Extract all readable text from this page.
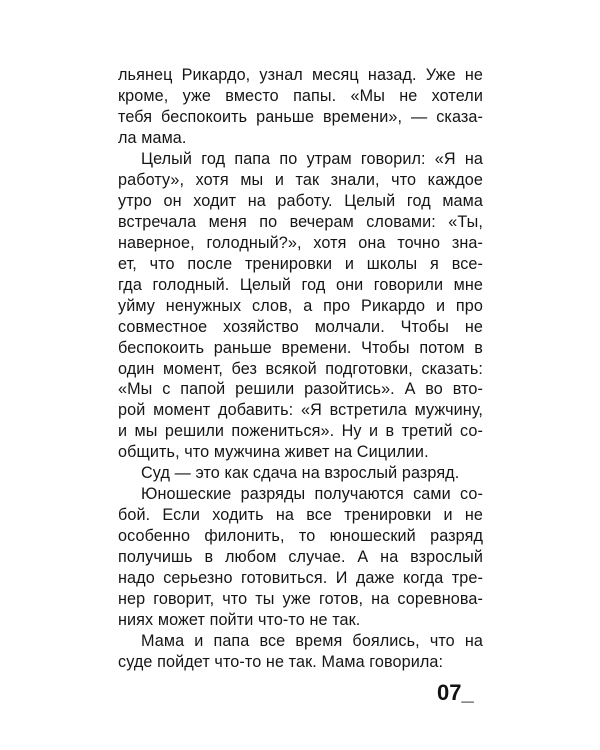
льянец Рикардо, узнал месяц назад. Уже не
кроме, уже вместо папы. «Мы не хотели
тебя беспокоить раньше времени», — сказа-
ла мама.
Целый год папа по утрам говорил: «Я на
работу», хотя мы и так знали, что каждое
утро он ходит на работу. Целый год мама
встречала меня по вечерам словами: «Ты,
наверное, голодный?», хотя она точно зна-
ет, что после тренировки и школы я все-
гда голодный. Целый год они говорили мне
уйму ненужных слов, а про Рикардо и про
совместное хозяйство молчали. Чтобы не
беспокоить раньше времени. Чтобы потом в
один момент, без всякой подготовки, сказать:
«Мы с папой решили разойтись». А во вто-
рой момент добавить: «Я встретила мужчину,
и мы решили пожениться». Ну и в третий со-
общить, что мужчина живет на Сицилии.
Суд — это как сдача на взрослый разряд.
Юношеские разряды получаются сами со-
бой. Если ходить на все тренировки и не
особенно филонить, то юношеский разряд
получишь в любом случае. А на взрослый
надо серьезно готовиться. И даже когда тре-
нер говорит, что ты уже готов, на соревнова-
ниях может пойти что-то не так.
Мама и папа все время боялись, что на
суде пойдет что-то не так. Мама говорила:
07_
